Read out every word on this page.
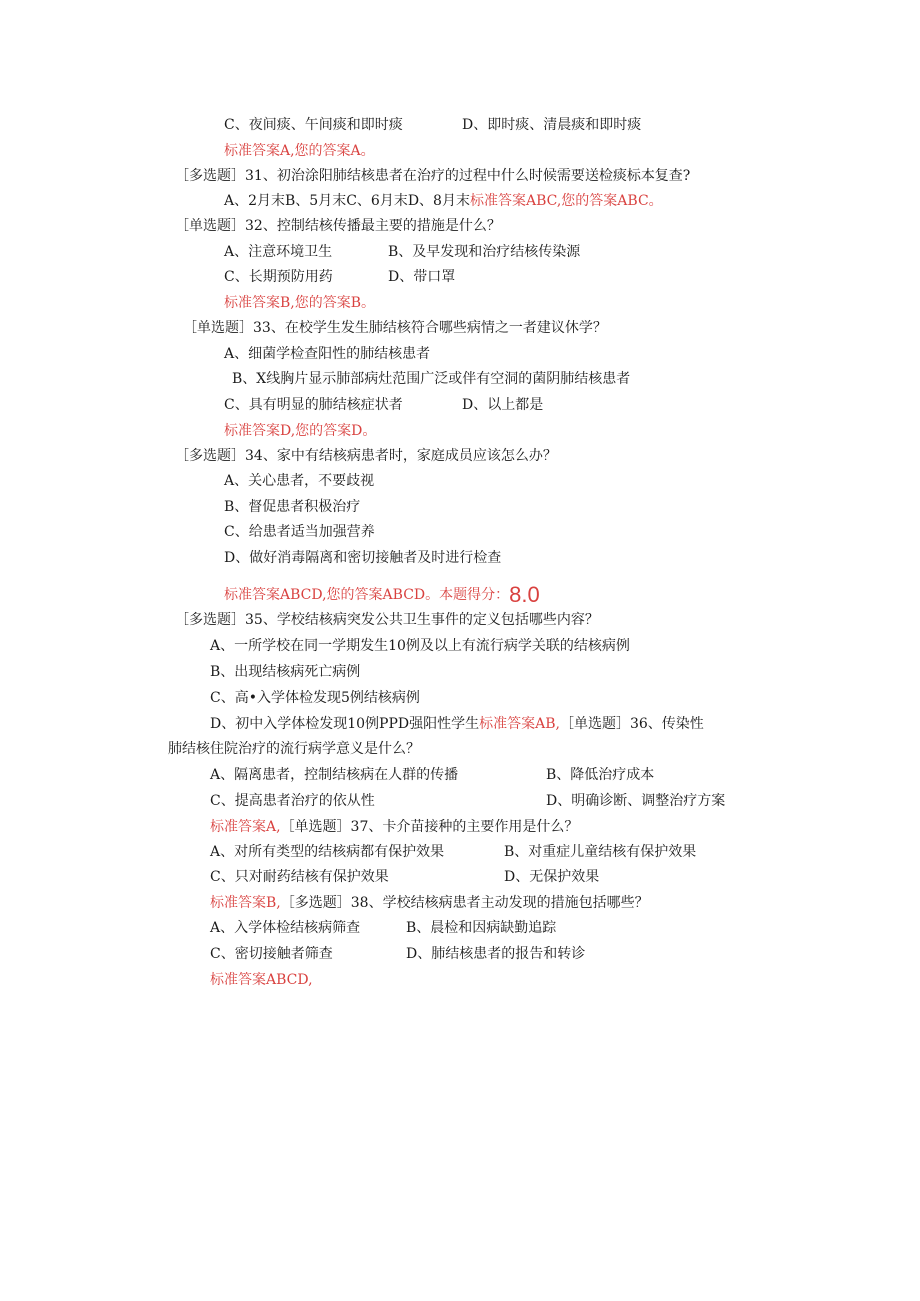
C、夜间痰、午间痰和即时痰	D、即时痰、清晨痰和即时痰
标准答案A,您的答案A。
［多选题］31、初治涂阳肺结核患者在治疗的过程中什么时候需要送检痰标本复查?
A、2月末B、5月末C、6月末D、8月末标准答案ABC,您的答案ABC。
［单选题］32、控制结核传播最主要的措施是什么？
A、注意环境卫生	B、及早发现和治疗结核传染源
C、长期预防用药	D、带口罩
标准答案B,您的答案B。
［单选题］33、在校学生发生肺结核符合哪些病情之一者建议休学？
A、细菌学检查阳性的肺结核患者
B、X线胸片显示肺部病灶范围广泛或伴有空洞的菌阴肺结核患者
C、具有明显的肺结核症状者	D、以上都是
标准答案D,您的答案D。
［多选题］34、家中有结核病患者时，家庭成员应该怎么办？
A、关心患者，不要歧视
B、督促患者积极治疗
C、给患者适当加强营养
D、做好消毒隔离和密切接触者及时进行检查
标准答案ABCD,您的答案ABCD。本题得分：8.0
［多选题］35、学校结核病突发公共卫生事件的定义包括哪些内容？
A、一所学校在同一学期发生10例及以上有流行病学关联的结核病例
B、出现结核病死亡病例
C、高•入学体检发现5例结核病例
D、初中入学体检发现10例PPD强阳性学生标准答案AB,［单选题］36、传染性
肺结核住院治疗的流行病学意义是什么？
A、隔离患者，控制结核病在人群的传播	B、降低治疗成本
C、提高患者治疗的依从性	D、明确诊断、调整治疗方案
标准答案A,［单选题］37、卡介苗接种的主要作用是什么？
A、对所有类型的结核病都有保护效果	B、对重症儿童结核有保护效果
C、只对耐药结核有保护效果	D、无保护效果
标准答案B,［多选题］38、学校结核病患者主动发现的措施包括哪些？
A、入学体检结核病筛查	B、晨检和因病缺勤追踪
C、密切接触者筛查	D、肺结核患者的报告和转诊
标准答案ABCD,
